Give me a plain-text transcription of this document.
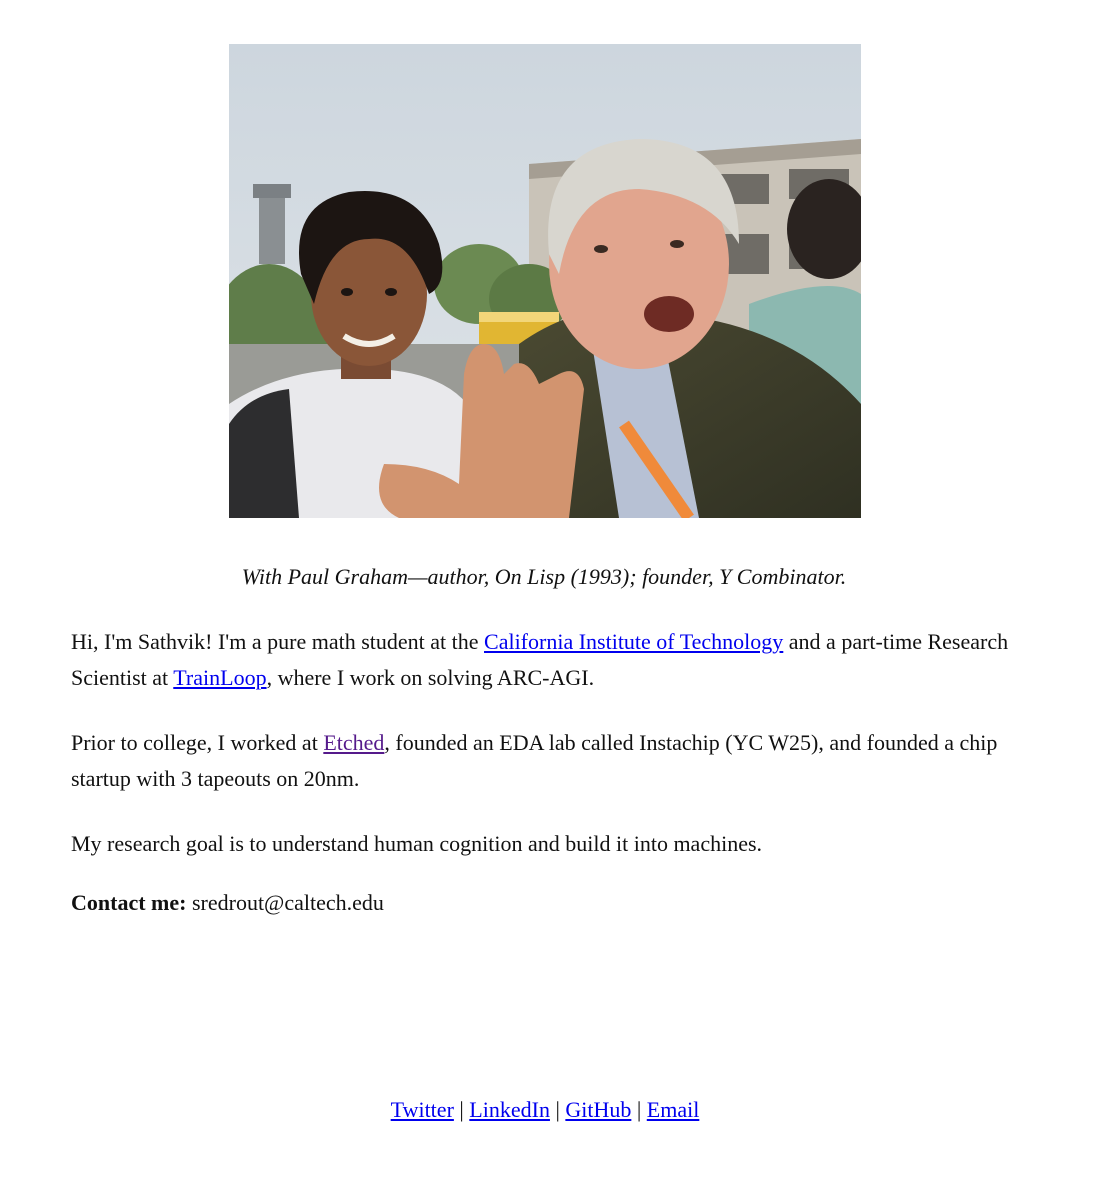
With Paul Graham—author, On Lisp (1993); founder, Y Combinator.

Hi, I'm Sathvik! I'm a pure math student at the California Institute of Technology and a part-time Research Scientist at TrainLoop, where I work on solving ARC-AGI.

Prior to college, I worked at Etched, founded an EDA lab called Instachip (YC W25), and founded a chip startup with 3 tapeouts on 20nm.

My research goal is to understand human cognition and build it into machines.

Contact me: sredrout@caltech.edu

Twitter | LinkedIn | GitHub | Email
